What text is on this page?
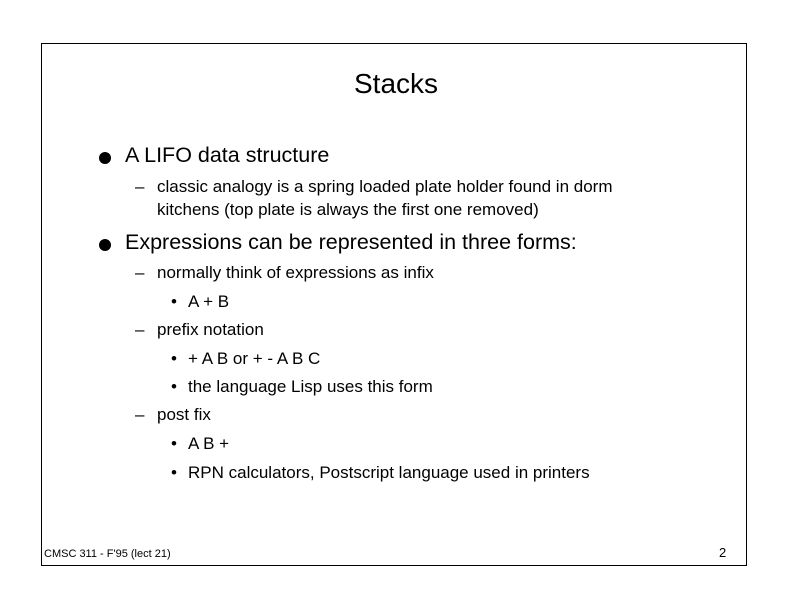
Stacks
A LIFO data structure
– classic analogy is a spring loaded plate holder found in dorm
kitchens (top plate is always the first one removed)
Expressions can be represented in three forms:
– normally think of expressions as infix
• A + B
– prefix notation
• + A B or + - A B C
• the language Lisp uses this form
– post fix
• A B +
• RPN calculators, Postscript language used in printers
CMSC 311 - F'95 (lect 21)	2
